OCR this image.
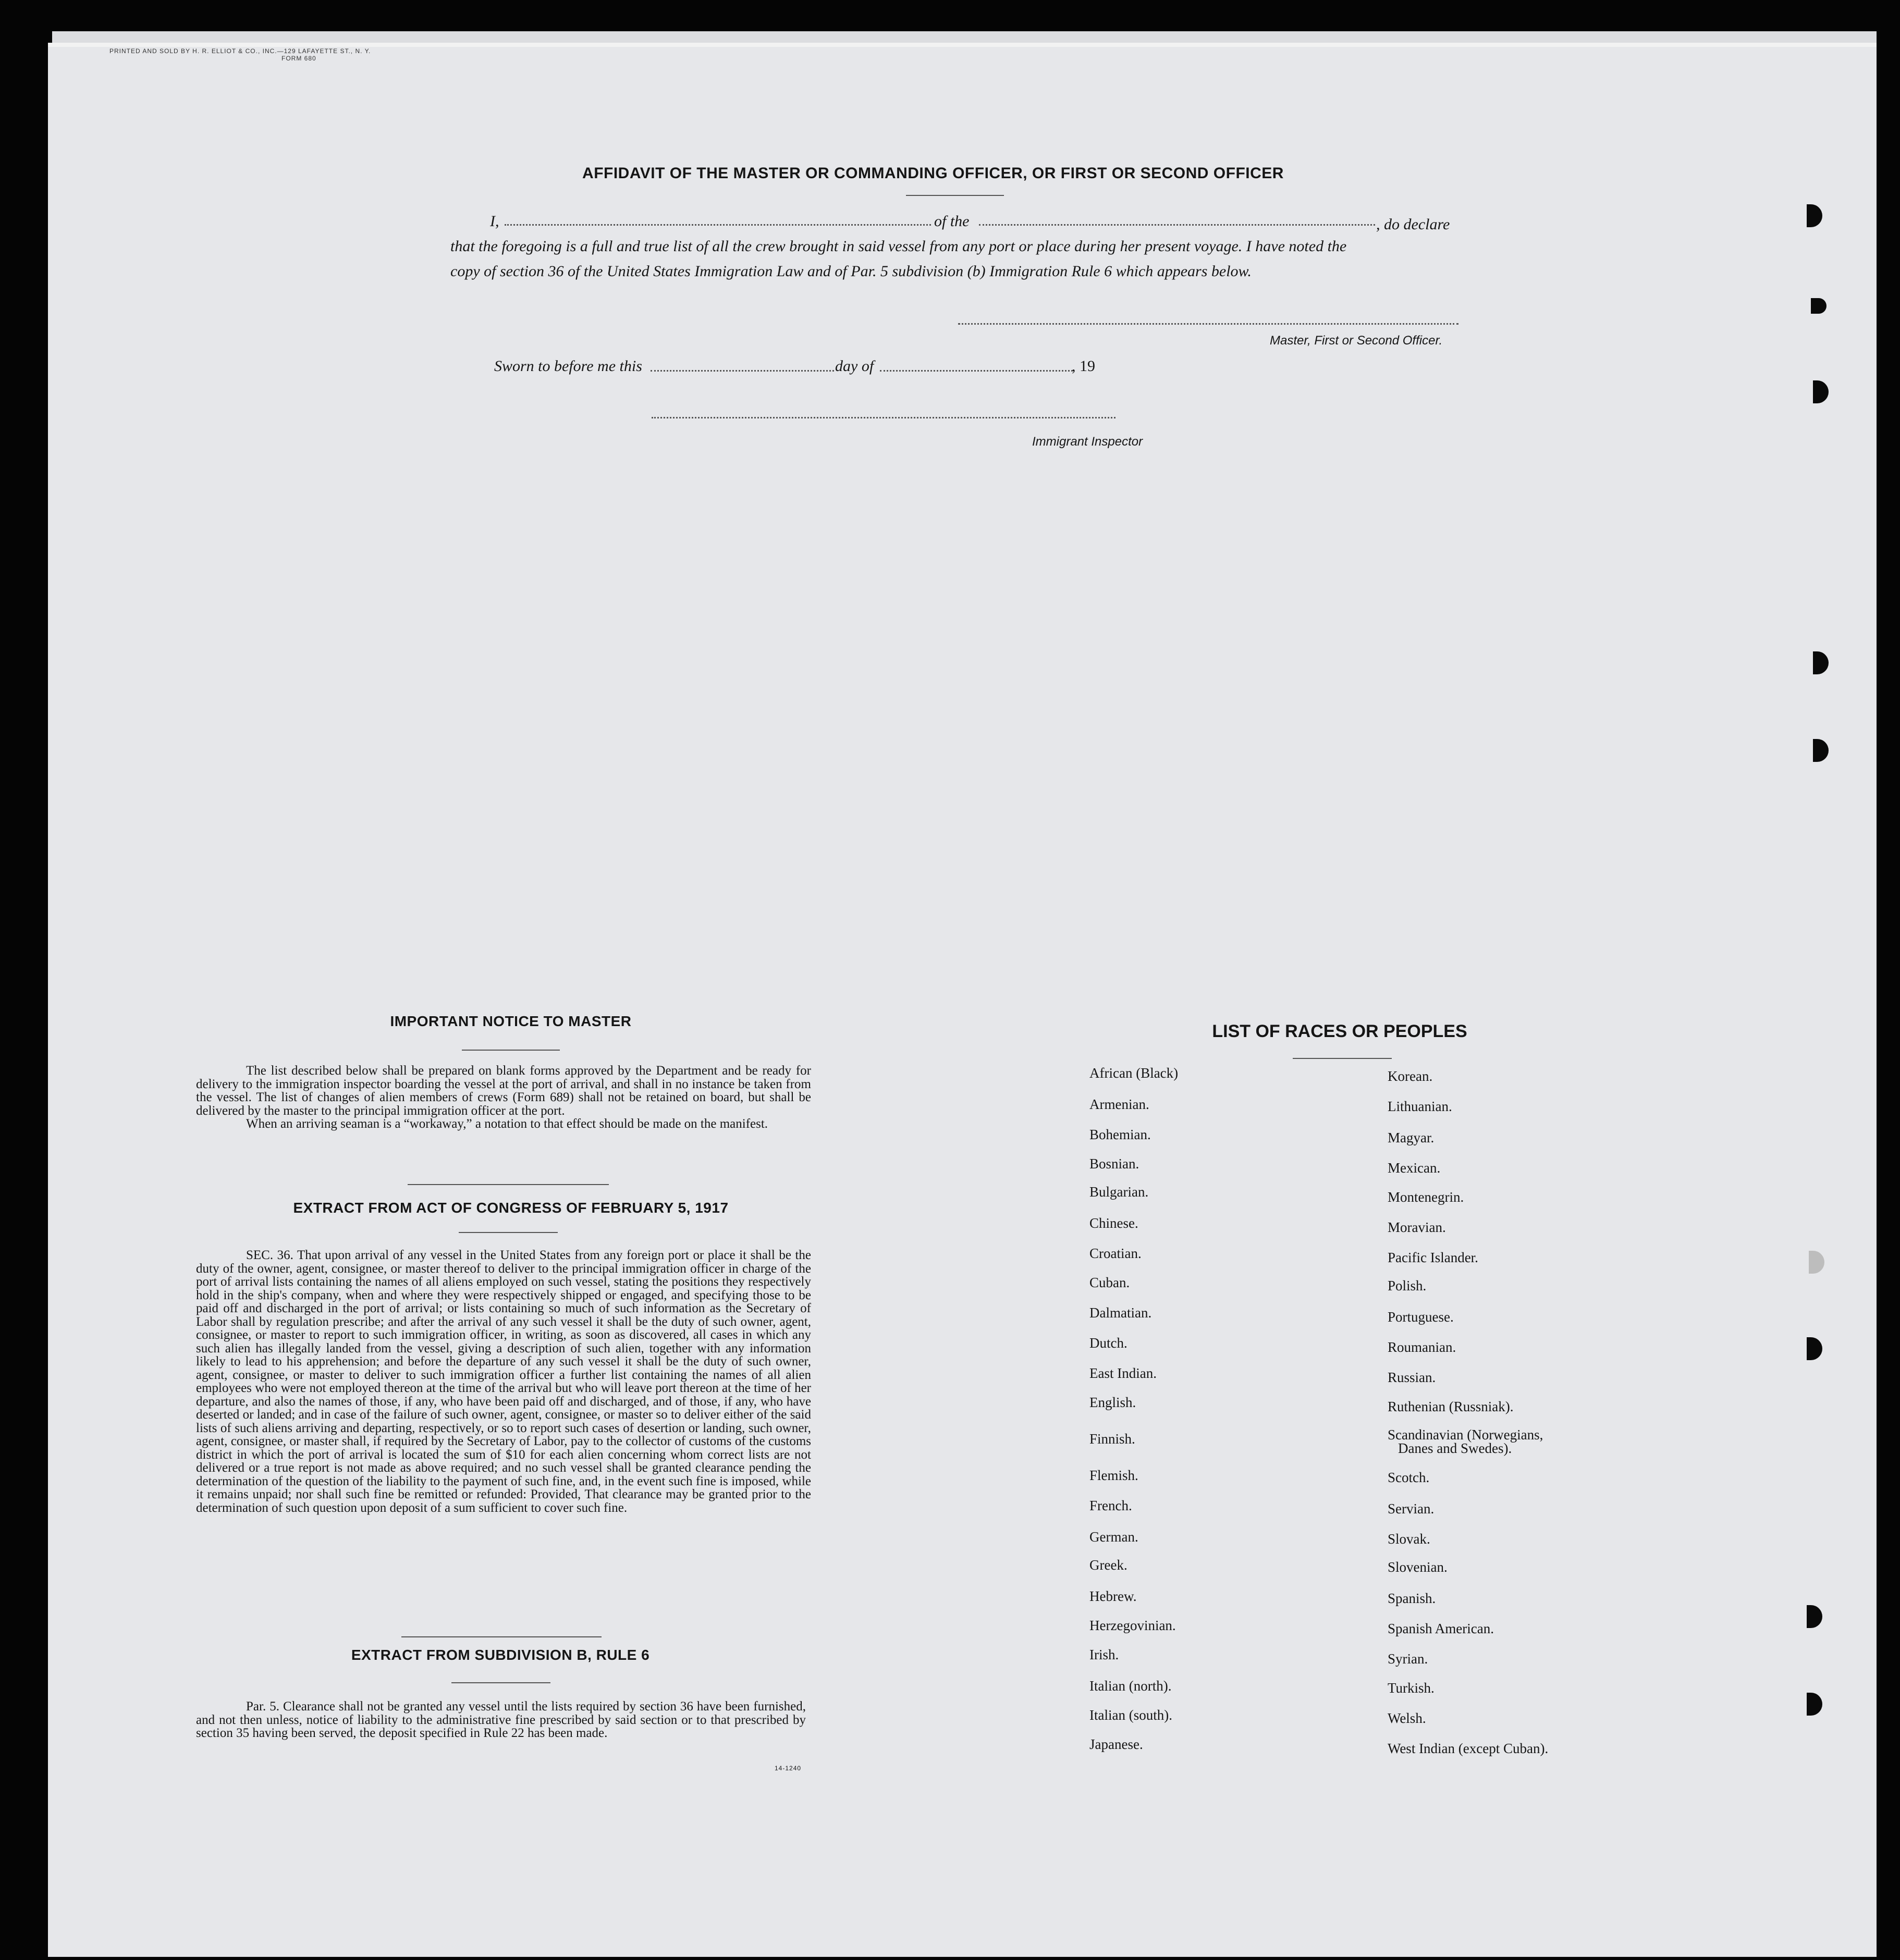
PRINTED AND SOLD BY H. R. ELLIOT & CO., INC.—129 LAFAYETTE ST., N. Y.
FORM 680
AFFIDAVIT OF THE MASTER OR COMMANDING OFFICER, OR FIRST OR SECOND OFFICER
I,	of the	, do declare
that the foregoing is a full and true list of all the crew brought in said vessel from any port or place during her present voyage. I have noted the
copy of section 36 of the United States Immigration Law and of Par. 5 subdivision (b) Immigration Rule 6 which appears below.
Master, First or Second Officer.
Sworn to before me this	day of	, 19
Immigrant Inspector
IMPORTANT NOTICE TO MASTER

The list described below shall be prepared on blank forms approved by the Department and be ready for delivery to the immigration inspector boarding the vessel at the port of arrival, and shall in no instance be taken from the vessel. The list of changes of alien members of crews (Form 689) shall not be retained on board, but shall be delivered by the master to the principal immigration officer at the port.

When an arriving seaman is a “workaway,” a notation to that effect should be made on the manifest.

EXTRACT FROM ACT OF CONGRESS OF FEBRUARY 5, 1917

SEC. 36. That upon arrival of any vessel in the United States from any foreign port or place it shall be the duty of the owner, agent, consignee, or master thereof to deliver to the principal immigration officer in charge of the port of arrival lists containing the names of all aliens employed on such vessel, stating the positions they respectively hold in the ship's company, when and where they were respectively shipped or engaged, and specifying those to be paid off and discharged in the port of arrival; or lists containing so much of such information as the Secretary of Labor shall by regulation prescribe; and after the arrival of any such vessel it shall be the duty of such owner, agent, consignee, or master to report to such immigration officer, in writing, as soon as discovered, all cases in which any such alien has illegally landed from the vessel, giving a description of such alien, together with any information likely to lead to his apprehension; and before the departure of any such vessel it shall be the duty of such owner, agent, consignee, or master to deliver to such immigration officer a further list containing the names of all alien employees who were not employed thereon at the time of the arrival but who will leave port thereon at the time of her departure, and also the names of those, if any, who have been paid off and discharged, and of those, if any, who have deserted or landed; and in case of the failure of such owner, agent, consignee, or master so to deliver either of the said lists of such aliens arriving and departing, respectively, or so to report such cases of desertion or landing, such owner, agent, consignee, or master shall, if required by the Secretary of Labor, pay to the collector of customs of the customs district in which the port of arrival is located the sum of $10 for each alien concerning whom correct lists are not delivered or a true report is not made as above required; and no such vessel shall be granted clearance pending the determination of the question of the liability to the payment of such fine, and, in the event such fine is imposed, while it remains unpaid; nor shall such fine be remitted or refunded: Provided, That clearance may be granted prior to the determination of such question upon deposit of a sum sufficient to cover such fine.

EXTRACT FROM SUBDIVISION B, RULE 6

Par. 5. Clearance shall not be granted any vessel until the lists required by section 36 have been furnished, and not then unless, notice of liability to the administrative fine prescribed by said section or to that prescribed by section 35 having been served, the deposit specified in Rule 22 has been made.

14-1240
LIST OF RACES OR PEOPLES
African (Black)
Armenian.
Bohemian.
Bosnian.
Bulgarian.
Chinese.
Croatian.
Cuban.
Dalmatian.
Dutch.
East Indian.
English.
Finnish.
Flemish.
French.
German.
Greek.
Hebrew.
Herzegovinian.
Irish.
Italian (north).
Italian (south).
Japanese.
Korean.
Lithuanian.
Magyar.
Mexican.
Montenegrin.
Moravian.
Pacific Islander.
Polish.
Portuguese.
Roumanian.
Russian.
Ruthenian (Russniak).
Scandinavian (Norwegians,
Danes and Swedes).
Scotch.
Servian.
Slovak.
Slovenian.
Spanish.
Spanish American.
Syrian.
Turkish.
Welsh.
West Indian (except Cuban).
